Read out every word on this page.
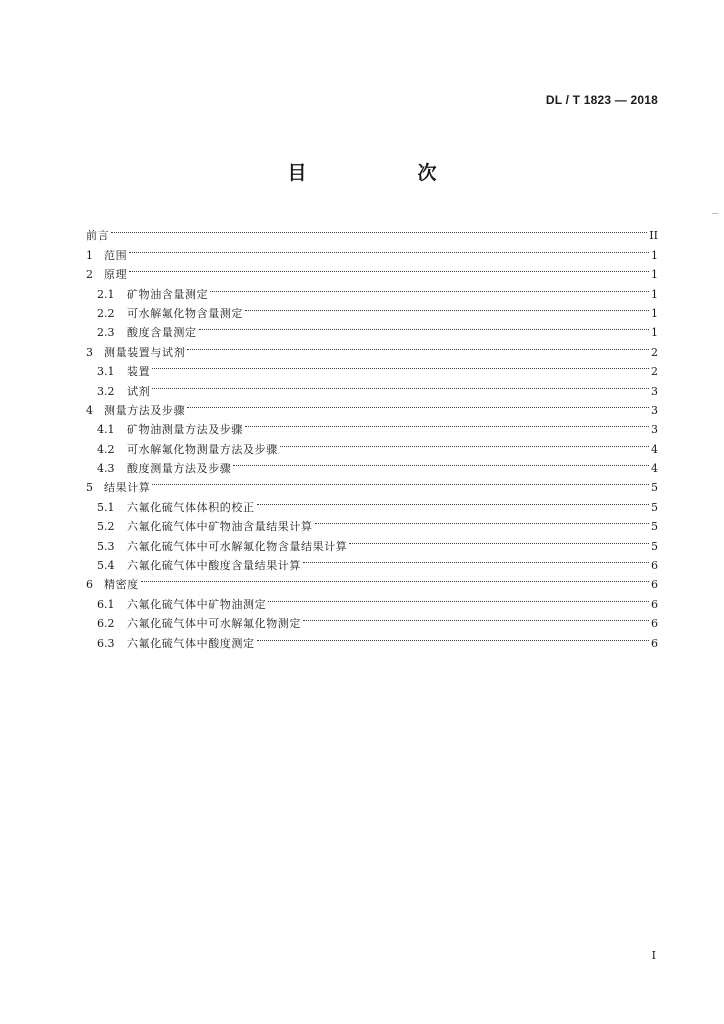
DL / T 1823 — 2018
目　次
前言	II
1	范围	1
2	原理	1
2.1	矿物油含量测定	1
2.2	可水解氟化物含量测定	1
2.3	酸度含量测定	1
3	测量装置与试剂	2
3.1	装置	2
3.2	试剂	3
4	测量方法及步骤	3
4.1	矿物油测量方法及步骤	3
4.2	可水解氟化物测量方法及步骤	4
4.3	酸度测量方法及步骤	4
5	结果计算	5
5.1	六氟化硫气体体积的校正	5
5.2	六氟化硫气体中矿物油含量结果计算	5
5.3	六氟化硫气体中可水解氟化物含量结果计算	5
5.4	六氟化硫气体中酸度含量结果计算	6
6	精密度	6
6.1	六氟化硫气体中矿物油测定	6
6.2	六氟化硫气体中可水解氟化物测定	6
6.3	六氟化硫气体中酸度测定	6
I
